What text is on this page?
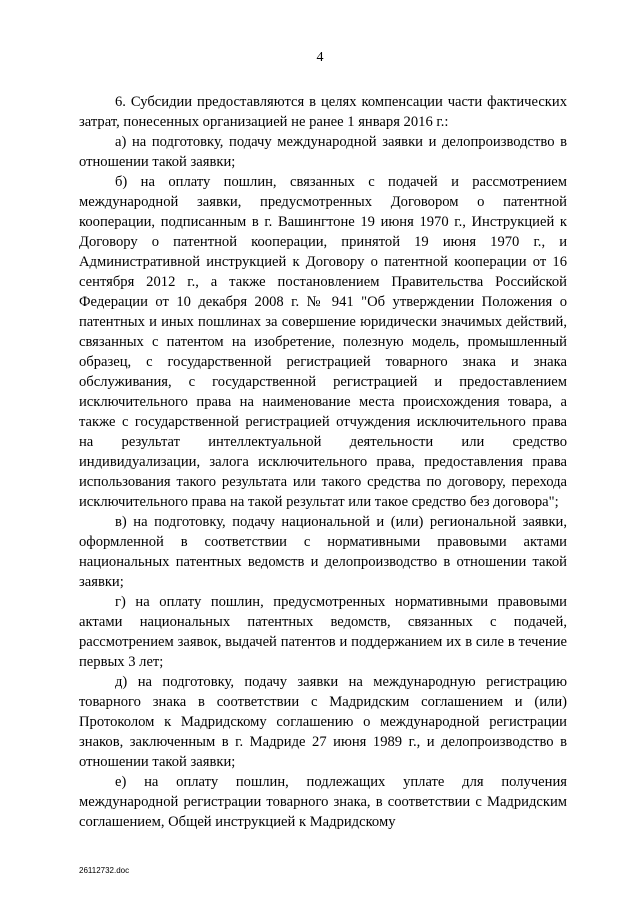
4

6. Субсидии предоставляются в целях компенсации части фактических затрат, понесенных организацией не ранее 1 января 2016 г.:

а) на подготовку, подачу международной заявки и делопроизводство в отношении такой заявки;

б) на оплату пошлин, связанных с подачей и рассмотрением международной заявки, предусмотренных Договором о патентной кооперации, подписанным в г. Вашингтоне 19 июня 1970 г., Инструкцией к Договору о патентной кооперации, принятой 19 июня 1970 г., и Административной инструкцией к Договору о патентной кооперации от 16 сентября 2012 г., а также постановлением Правительства Российской Федерации от 10 декабря 2008 г. № 941 "Об утверждении Положения о патентных и иных пошлинах за совершение юридически значимых действий, связанных с патентом на изобретение, полезную модель, промышленный образец, с государственной регистрацией товарного знака и знака обслуживания, с государственной регистрацией и предоставлением исключительного права на наименование места происхождения товара, а также с государственной регистрацией отчуждения исключительного права на результат интеллектуальной деятельности или средство индивидуализации, залога исключительного права, предоставления права использования такого результата или такого средства по договору, перехода исключительного права на такой результат или такое средство без договора";

в) на подготовку, подачу национальной и (или) региональной заявки, оформленной в соответствии с нормативными правовыми актами национальных патентных ведомств и делопроизводство в отношении такой заявки;

г) на оплату пошлин, предусмотренных нормативными правовыми актами национальных патентных ведомств, связанных с подачей, рассмотрением заявок, выдачей патентов и поддержанием их в силе в течение первых 3 лет;

д) на подготовку, подачу заявки на международную регистрацию товарного знака в соответствии с Мадридским соглашением и (или) Протоколом к Мадридскому соглашению о международной регистрации знаков, заключенным в г. Мадриде 27 июня 1989 г., и делопроизводство в отношении такой заявки;

е) на оплату пошлин, подлежащих уплате для получения международной регистрации товарного знака, в соответствии с Мадридским соглашением, Общей инструкцией к Мадридскому

26112732.doc
